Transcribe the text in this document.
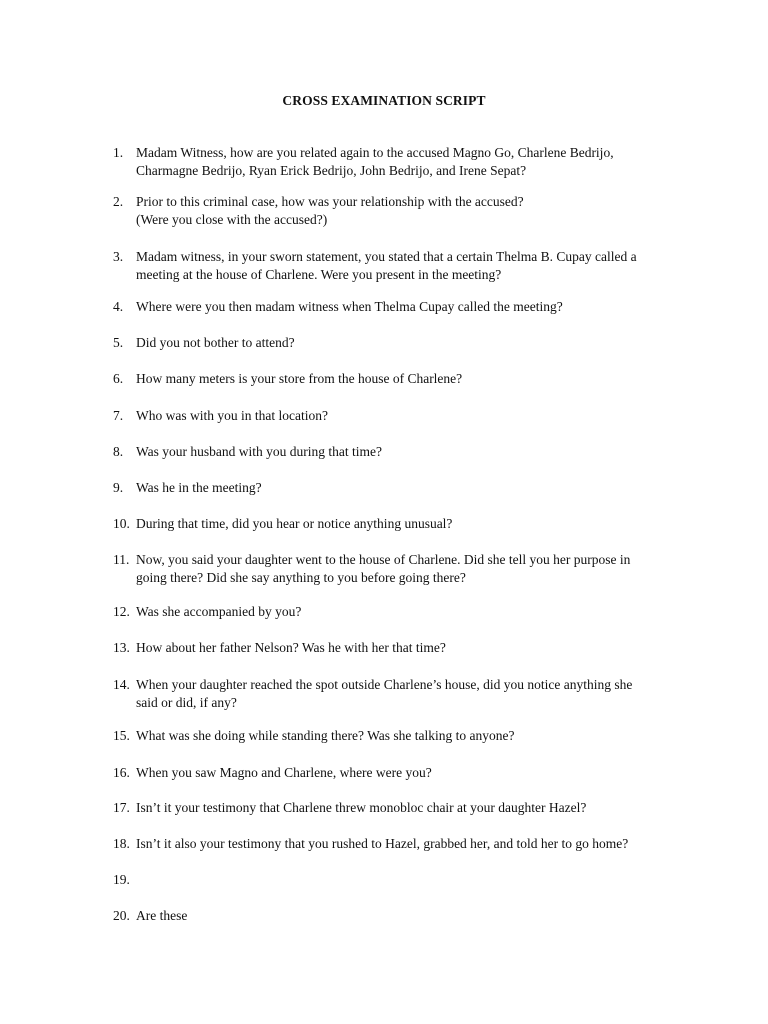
CROSS EXAMINATION SCRIPT
1. Madam Witness, how are you related again to the accused Magno Go, Charlene Bedrijo,
Charmagne Bedrijo, Ryan Erick Bedrijo, John Bedrijo, and Irene Sepat?
2. Prior to this criminal case, how was your relationship with the accused?
(Were you close with the accused?)
3. Madam witness, in your sworn statement, you stated that a certain Thelma B. Cupay called a
meeting at the house of Charlene. Were you present in the meeting?
4. Where were you then madam witness when Thelma Cupay called the meeting?
5. Did you not bother to attend?
6. How many meters is your store from the house of Charlene?
7. Who was with you in that location?
8. Was your husband with you during that time?
9. Was he in the meeting?
10. During that time, did you hear or notice anything unusual?
11. Now, you said your daughter went to the house of Charlene. Did she tell you her purpose in
going there? Did she say anything to you before going there?
12. Was she accompanied by you?
13. How about her father Nelson? Was he with her that time?
14. When your daughter reached the spot outside Charlene’s house, did you notice anything she
said or did, if any?
15. What was she doing while standing there? Was she talking to anyone?
16. When you saw Magno and Charlene, where were you?
17. Isn’t it your testimony that Charlene threw monobloc chair at your daughter Hazel?
18. Isn’t it also your testimony that you rushed to Hazel, grabbed her, and told her to go home?
19.
20. Are these
